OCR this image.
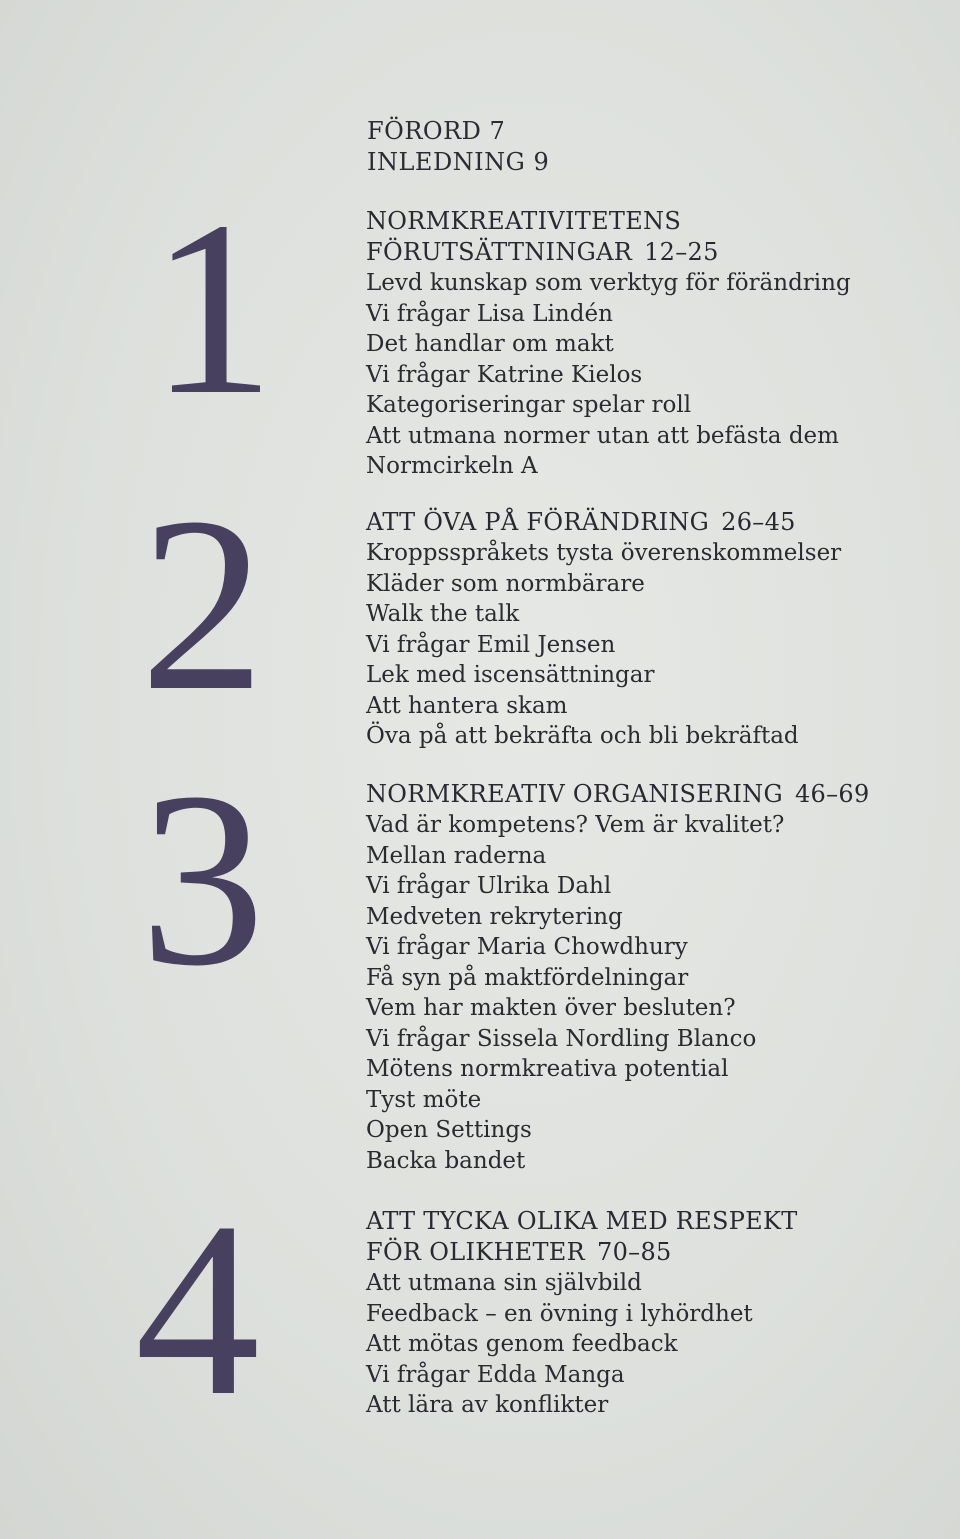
FÖRORD 7
INLEDNING 9
1	NORMKREATIVITETENS
FÖRUTSÄTTNINGAR 12–25
Levd kunskap som verktyg för förändring
Vi frågar Lisa Lindén
Det handlar om makt
Vi frågar Katrine Kielos
Kategoriseringar spelar roll
Att utmana normer utan att befästa dem
Normcirkeln A
2	ATT ÖVA PÅ FÖRÄNDRING 26–45
Kroppsspråkets tysta överenskommelser
Kläder som normbärare
Walk the talk
Vi frågar Emil Jensen
Lek med iscensättningar
Att hantera skam
Öva på att bekräfta och bli bekräftad
3	NORMKREATIV ORGANISERING 46–69
Vad är kompetens? Vem är kvalitet?
Mellan raderna
Vi frågar Ulrika Dahl
Medveten rekrytering
Vi frågar Maria Chowdhury
Få syn på maktfördelningar
Vem har makten över besluten?
Vi frågar Sissela Nordling Blanco
Mötens normkreativa potential
Tyst möte
Open Settings
Backa bandet
4	ATT TYCKA OLIKA MED RESPEKT
FÖR OLIKHETER 70–85
Att utmana sin självbild
Feedback – en övning i lyhördhet
Att mötas genom feedback
Vi frågar Edda Manga
Att lära av konflikter
